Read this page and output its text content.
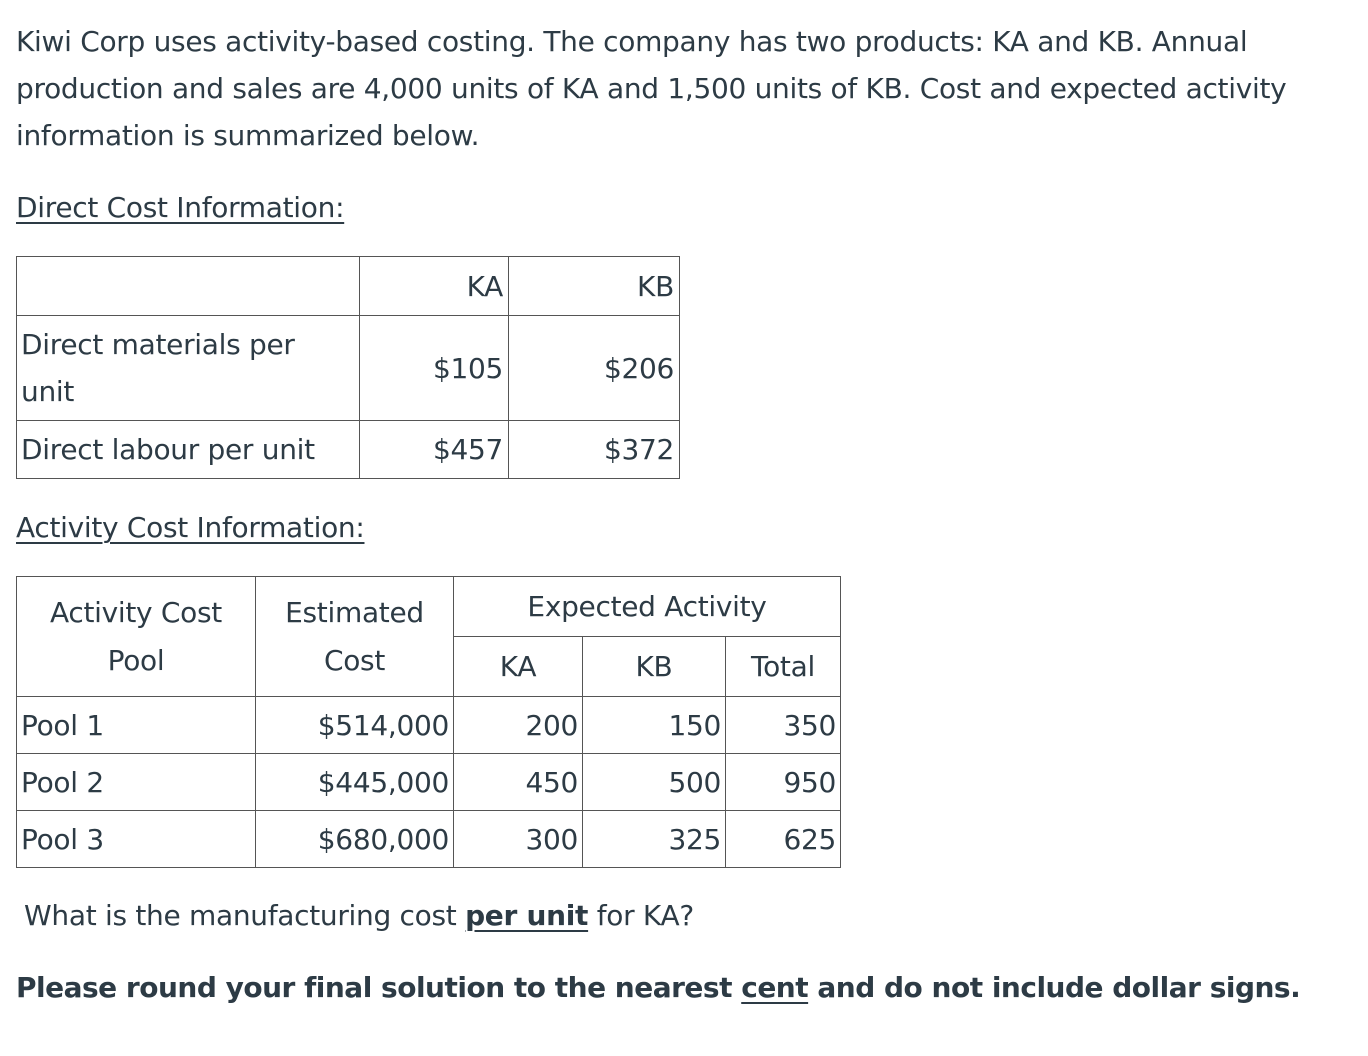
Kiwi Corp uses activity-based costing. The company has two products: KA and KB. Annual production and sales are 4,000 units of KA and 1,500 units of KB. Cost and expected activity information is summarized below.
Direct Cost Information:
	KA	KB
Direct materials per unit	$105	$206
Direct labour per unit	$457	$372
Activity Cost Information:
Activity Cost Pool	Estimated Cost	Expected Activity		
		KA	KB	Total
Pool 1	$514,000	200	150	350
Pool 2	$445,000	450	500	950
Pool 3	$680,000	300	325	625
What is the manufacturing cost per unit for KA?
Please round your final solution to the nearest cent and do not include dollar signs.
